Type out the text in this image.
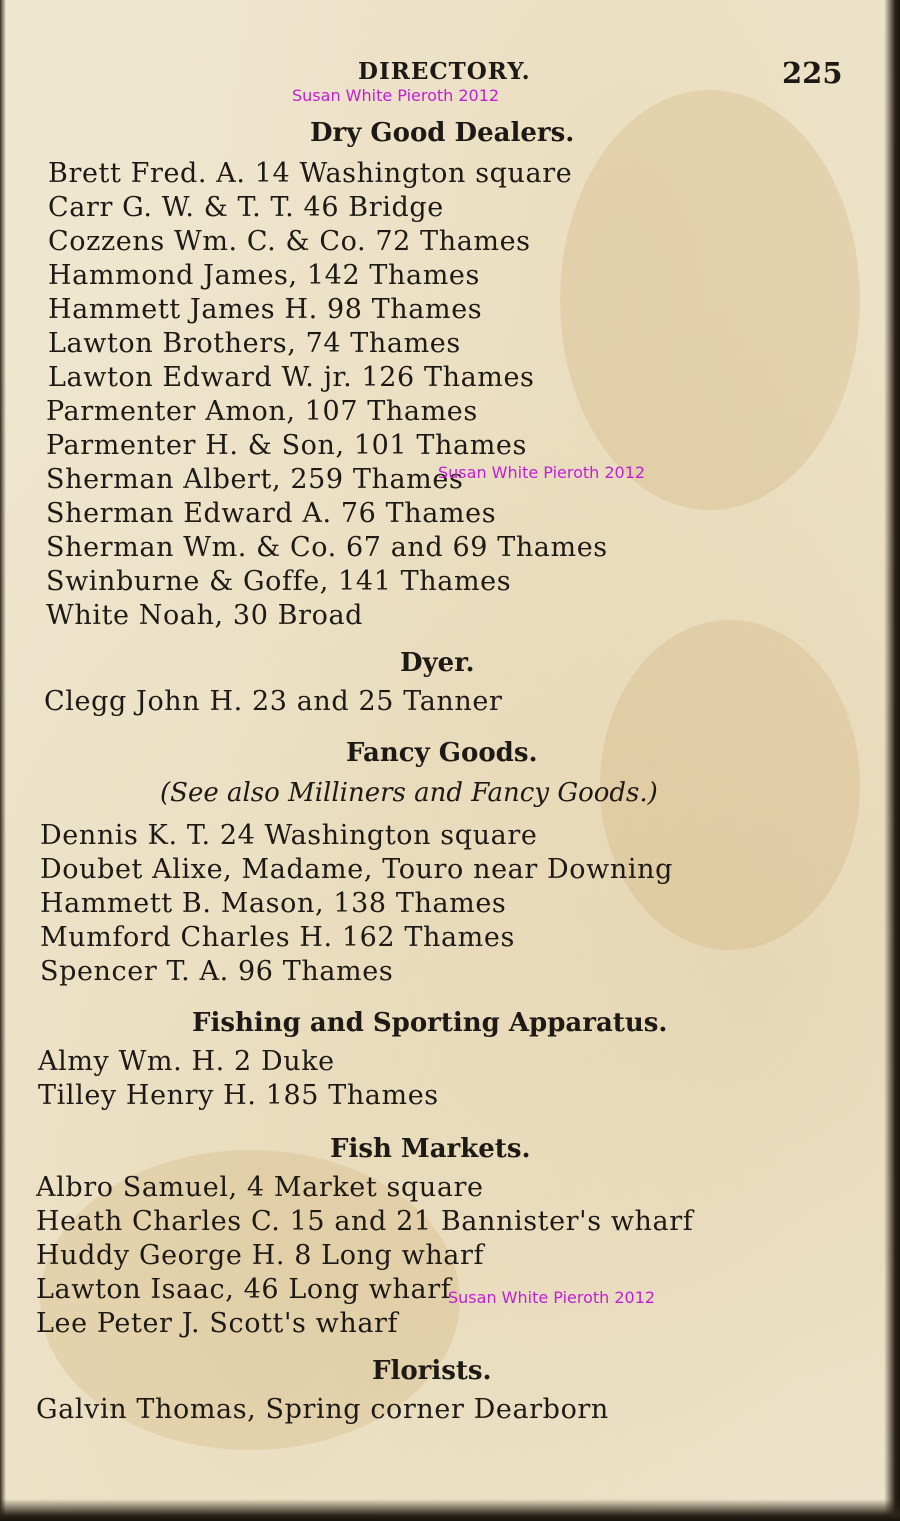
DIRECTORY.	225
Susan White Pieroth 2012
Dry Good Dealers.
Brett Fred. A. 14 Washington square
Carr G. W. & T. T. 46 Bridge
Cozzens Wm. C. & Co. 72 Thames
Hammond James, 142 Thames
Hammett James H. 98 Thames
Lawton Brothers, 74 Thames
Lawton Edward W. jr. 126 Thames
Parmenter Amon, 107 Thames
Parmenter H. & Son, 101 Thames
Sherman Albert, 259 Thames
Susan White Pieroth 2012
Sherman Edward A. 76 Thames
Sherman Wm. & Co. 67 and 69 Thames
Swinburne & Goffe, 141 Thames
White Noah, 30 Broad
Dyer.
Clegg John H. 23 and 25 Tanner
Fancy Goods.
(See also Milliners and Fancy Goods.)
Dennis K. T. 24 Washington square
Doubet Alixe, Madame, Touro near Downing
Hammett B. Mason, 138 Thames
Mumford Charles H. 162 Thames
Spencer T. A. 96 Thames
Fishing and Sporting Apparatus.
Almy Wm. H. 2 Duke
Tilley Henry H. 185 Thames
Fish Markets.
Albro Samuel, 4 Market square
Heath Charles C. 15 and 21 Bannister's wharf
Huddy George H. 8 Long wharf
Lawton Isaac, 46 Long wharf
Susan White Pieroth 2012
Lee Peter J. Scott's wharf
Florists.
Galvin Thomas, Spring corner Dearborn
